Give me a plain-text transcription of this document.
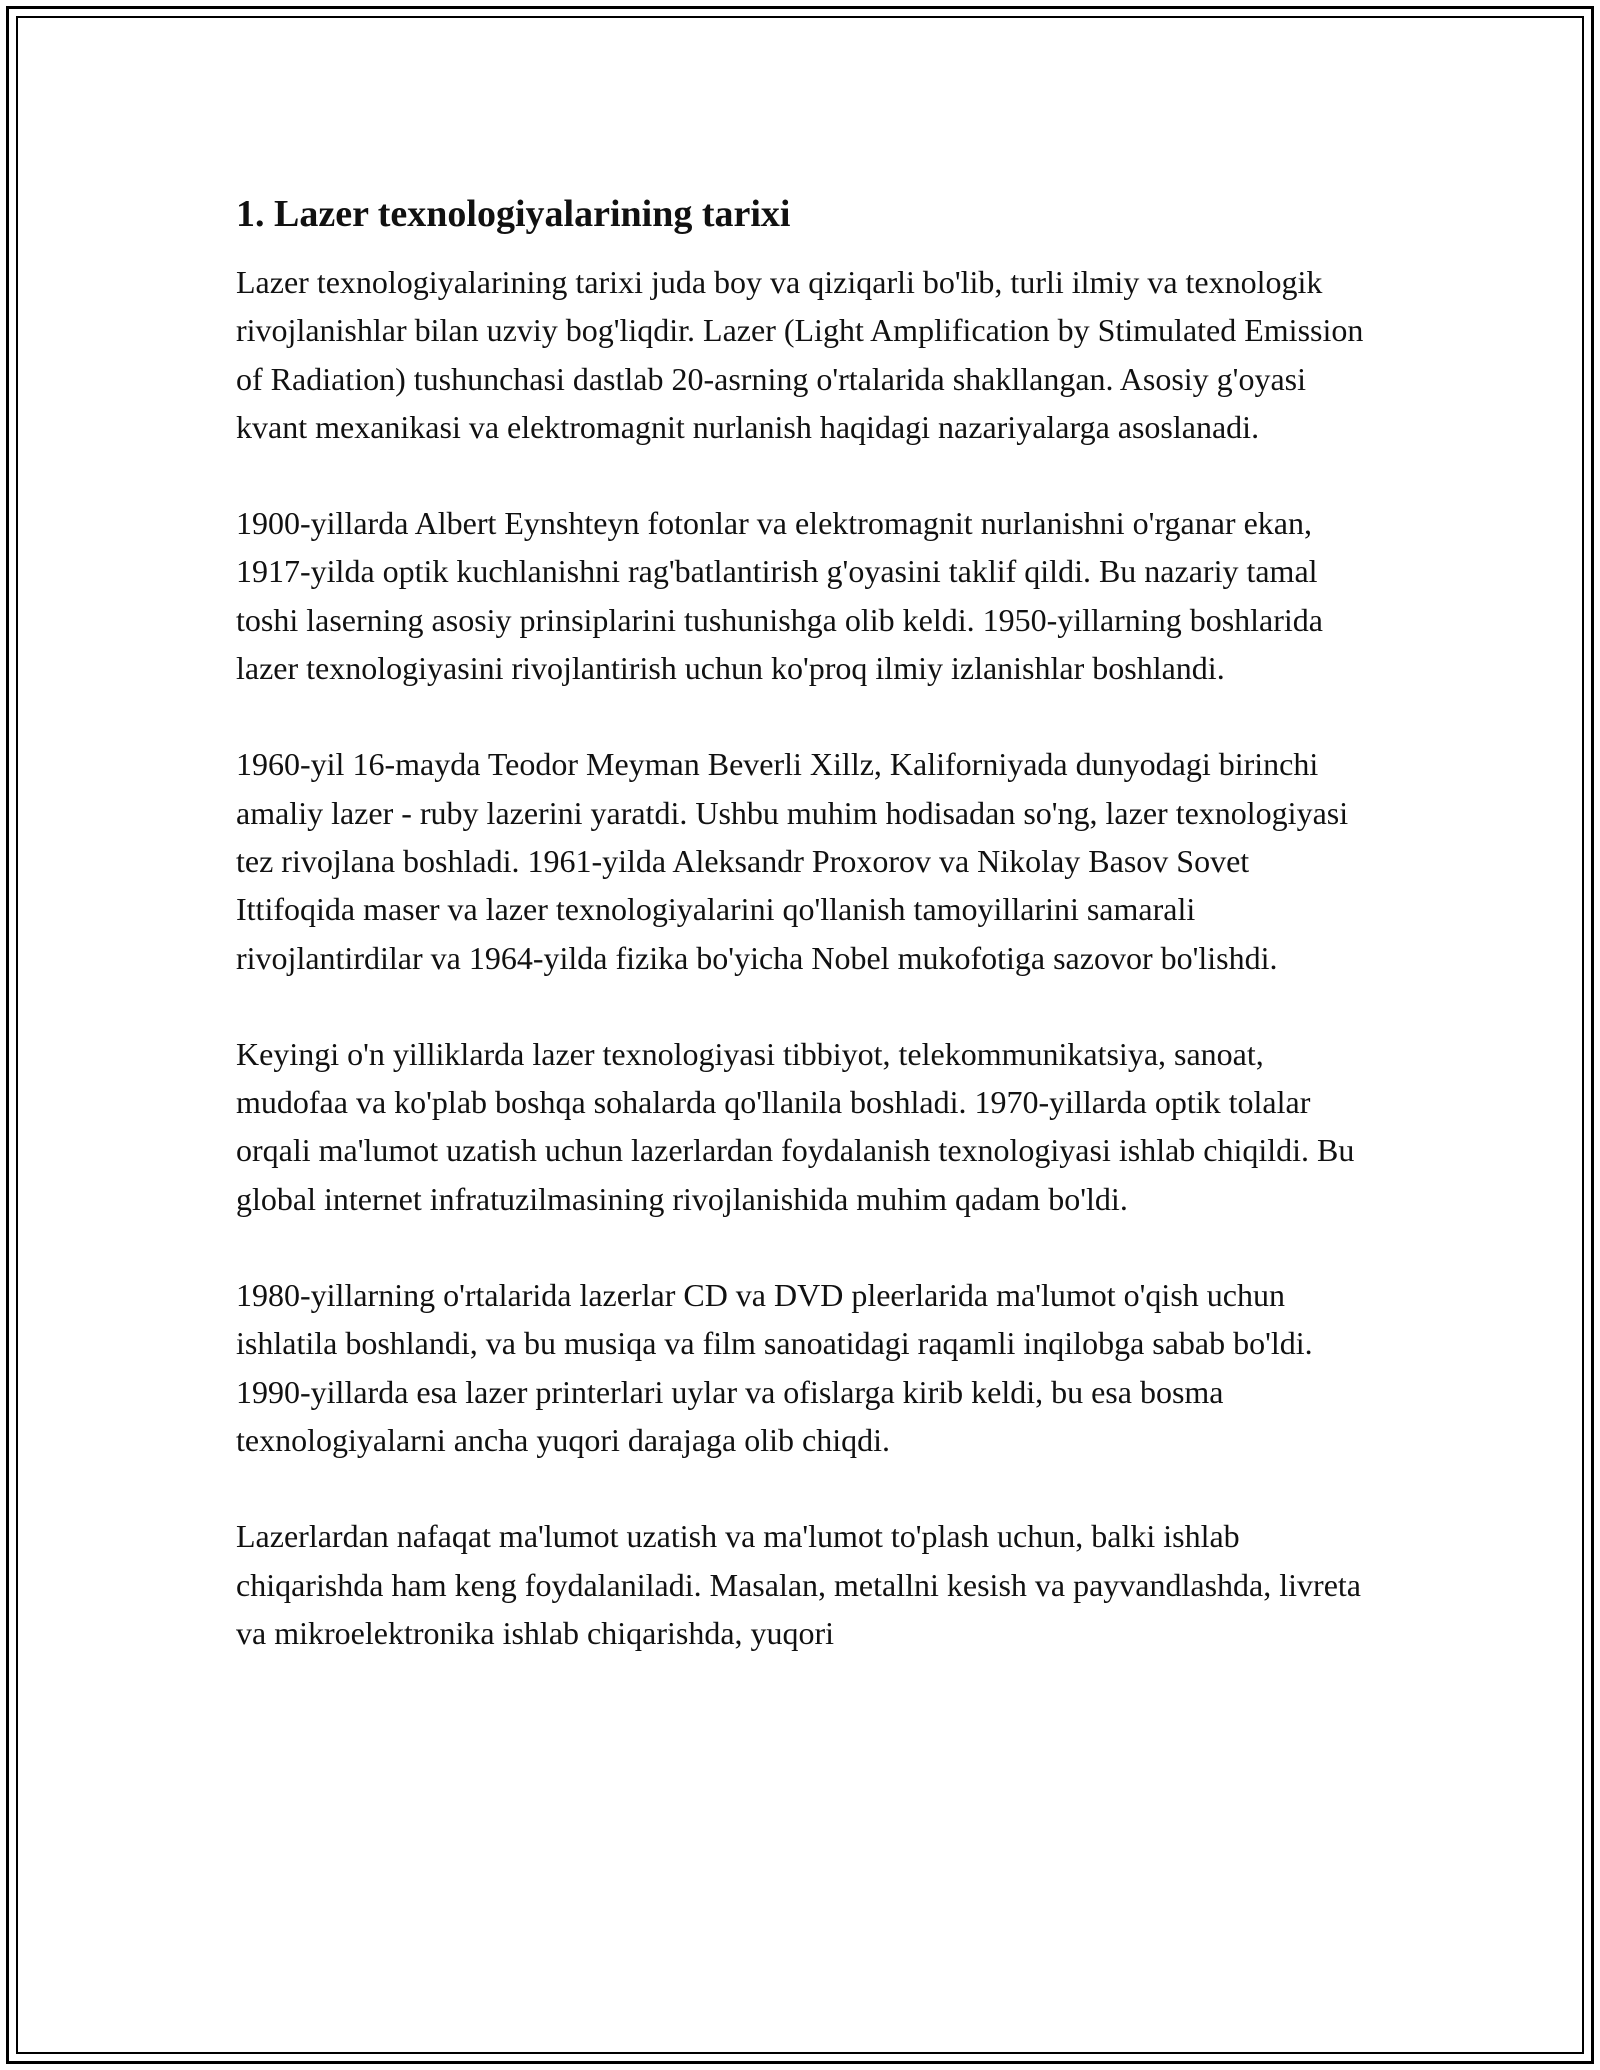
1. Lazer texnologiyalarining tarixi

Lazer texnologiyalarining tarixi juda boy va qiziqarli bo'lib, turli ilmiy va texnologik rivojlanishlar bilan uzviy bog'liqdir. Lazer (Light Amplification by Stimulated Emission of Radiation) tushunchasi dastlab 20-asrning o'rtalarida shakllangan. Asosiy g'oyasi kvant mexanikasi va elektromagnit nurlanish haqidagi nazariyalarga asoslanadi.

1900-yillarda Albert Eynshteyn fotonlar va elektromagnit nurlanishni o'rganar ekan, 1917-yilda optik kuchlanishni rag'batlantirish g'oyasini taklif qildi. Bu nazariy tamal toshi laserning asosiy prinsiplarini tushunishga olib keldi. 1950-yillarning boshlarida lazer texnologiyasini rivojlantirish uchun ko'proq ilmiy izlanishlar boshlandi.

1960-yil 16-mayda Teodor Meyman Beverli Xillz, Kaliforniyada dunyodagi birinchi amaliy lazer - ruby lazerini yaratdi. Ushbu muhim hodisadan so'ng, lazer texnologiyasi tez rivojlana boshladi. 1961-yilda Aleksandr Proxorov va Nikolay Basov Sovet Ittifoqida maser va lazer texnologiyalarini qo'llanish tamoyillarini samarali rivojlantirdilar va 1964-yilda fizika bo'yicha Nobel mukofotiga sazovor bo'lishdi.

Keyingi o'n yilliklarda lazer texnologiyasi tibbiyot, telekommunikatsiya, sanoat, mudofaa va ko'plab boshqa sohalarda qo'llanila boshladi. 1970-yillarda optik tolalar orqali ma'lumot uzatish uchun lazerlardan foydalanish texnologiyasi ishlab chiqildi. Bu global internet infratuzilmasining rivojlanishida muhim qadam bo'ldi.

1980-yillarning o'rtalarida lazerlar CD va DVD pleerlarida ma'lumot o'qish uchun ishlatila boshlandi, va bu musiqa va film sanoatidagi raqamli inqilobga sabab bo'ldi. 1990-yillarda esa lazer printerlari uylar va ofislarga kirib keldi, bu esa bosma texnologiyalarni ancha yuqori darajaga olib chiqdi.

Lazerlardan nafaqat ma'lumot uzatish va ma'lumot to'plash uchun, balki ishlab chiqarishda ham keng foydalaniladi. Masalan, metallni kesish va payvandlashda, livreta va mikroelektronika ishlab chiqarishda, yuqori
